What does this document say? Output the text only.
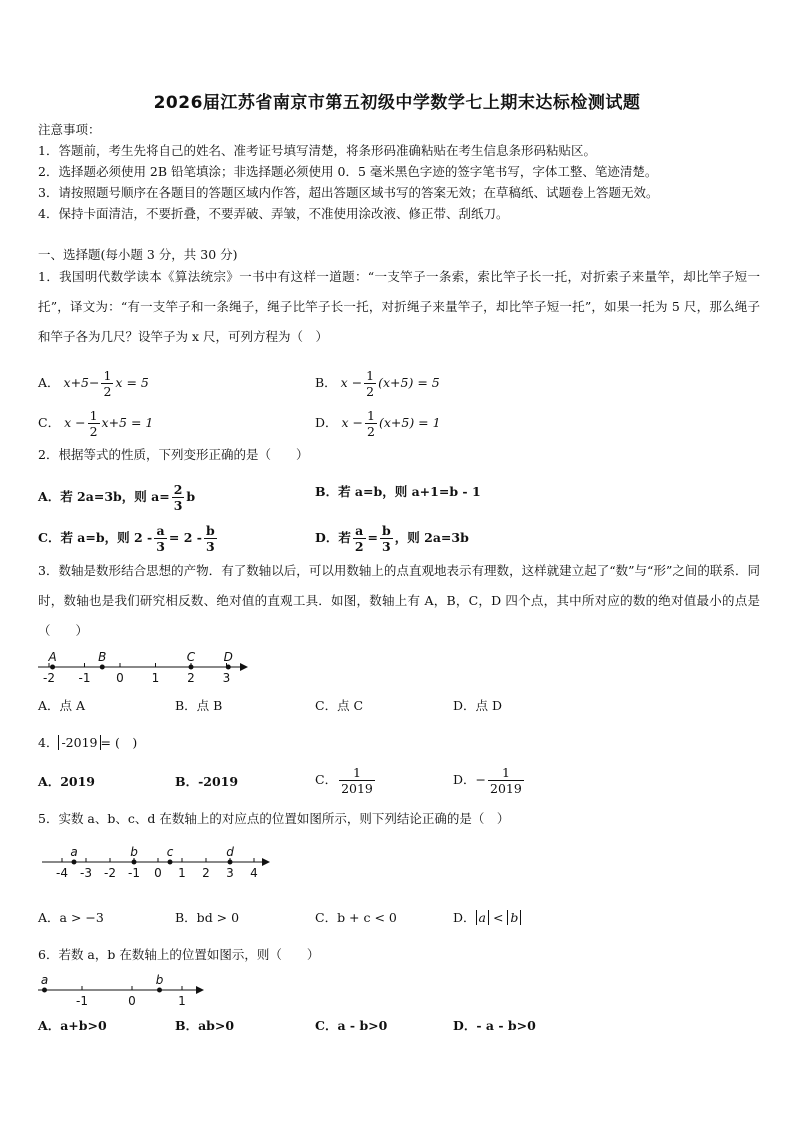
2026届江苏省南京市第五初级中学数学七上期末达标检测试题
注意事项：
1．答题前，考生先将自己的姓名、准考证号填写清楚，将条形码准确粘贴在考生信息条形码粘贴区。
2．选择题必须使用 2B 铅笔填涂；非选择题必须使用 0．5 毫米黑色字迹的签字笔书写，字体工整、笔迹清楚。
3．请按照题号顺序在各题目的答题区域内作答，超出答题区域书写的答案无效；在草稿纸、试题卷上答题无效。
4．保持卡面清洁，不要折叠，不要弄破、弄皱，不准使用涂改液、修正带、刮纸刀。
一、选择题(每小题 3 分，共 30 分)
1．我国明代数学读本《算法统宗》一书中有这样一道题：“一支竿子一条索，索比竿子长一托，对折索子来量竿，却比竿子短一托”，译文为：“有一支竿子和一条绳子，绳子比竿子长一托，对折绳子来量竿子，却比竿子短一托”，如果一托为 5 尺，那么绳子和竿子各为几尺？设竿子为 x 尺，可列方程为（　）
A． $x+5- \frac{1}{2}$ x = 5	B． $x - \frac{1}{2} (x+5) = 5$
C． $x - \frac{1}{2} x+5 = 1$	D． $x - \frac{1}{2} (x+5) = 1$
2．根据等式的性质，下列变形正确的是（　　）
A．若 2a=3b，则 $a= \frac{2}{3}$ b	B．若 a=b，则 a+1=b - 1
C．若 a=b，则 $2 - \frac{a}{3} = 2 - \frac{b}{3}$	D．若 $\frac{a}{2} = \frac{b}{3}$ ，则 2a=3b
3．数轴是数形结合思想的产物．有了数轴以后，可以用数轴上的点直观地表示有理数，这样就建立起了“数”与“形”之间的联系．同时，数轴也是我们研究相反数、绝对值的直观工具．如图，数轴上有 A，B，C，D 四个点，其中所对应的数的绝对值最小的点是（　　）
-2 -1 0 1 2 3
A	B	C D
A．点 A	B．点 B	C．点 C	D．点 D
4． -2019 = (　)
A．2019	B．-2019	C． $\frac{1}{2019}$	D．− $\frac{1}{2019}$
5．实数 a、b、c、d 在数轴上的对应点的位置如图所示，则下列结论正确的是（　）
-4 -3 -2 -1 0 1 2 3 4
a	b c	d
A．a > −3	B．bd > 0	C．b + c < 0	D． a < b
6．若数 a，b 在数轴上的位置如图示，则（　　）
-1	0	1
a	b
A．a+b>0	B．ab>0	C．a - b>0	D．- a - b>0
